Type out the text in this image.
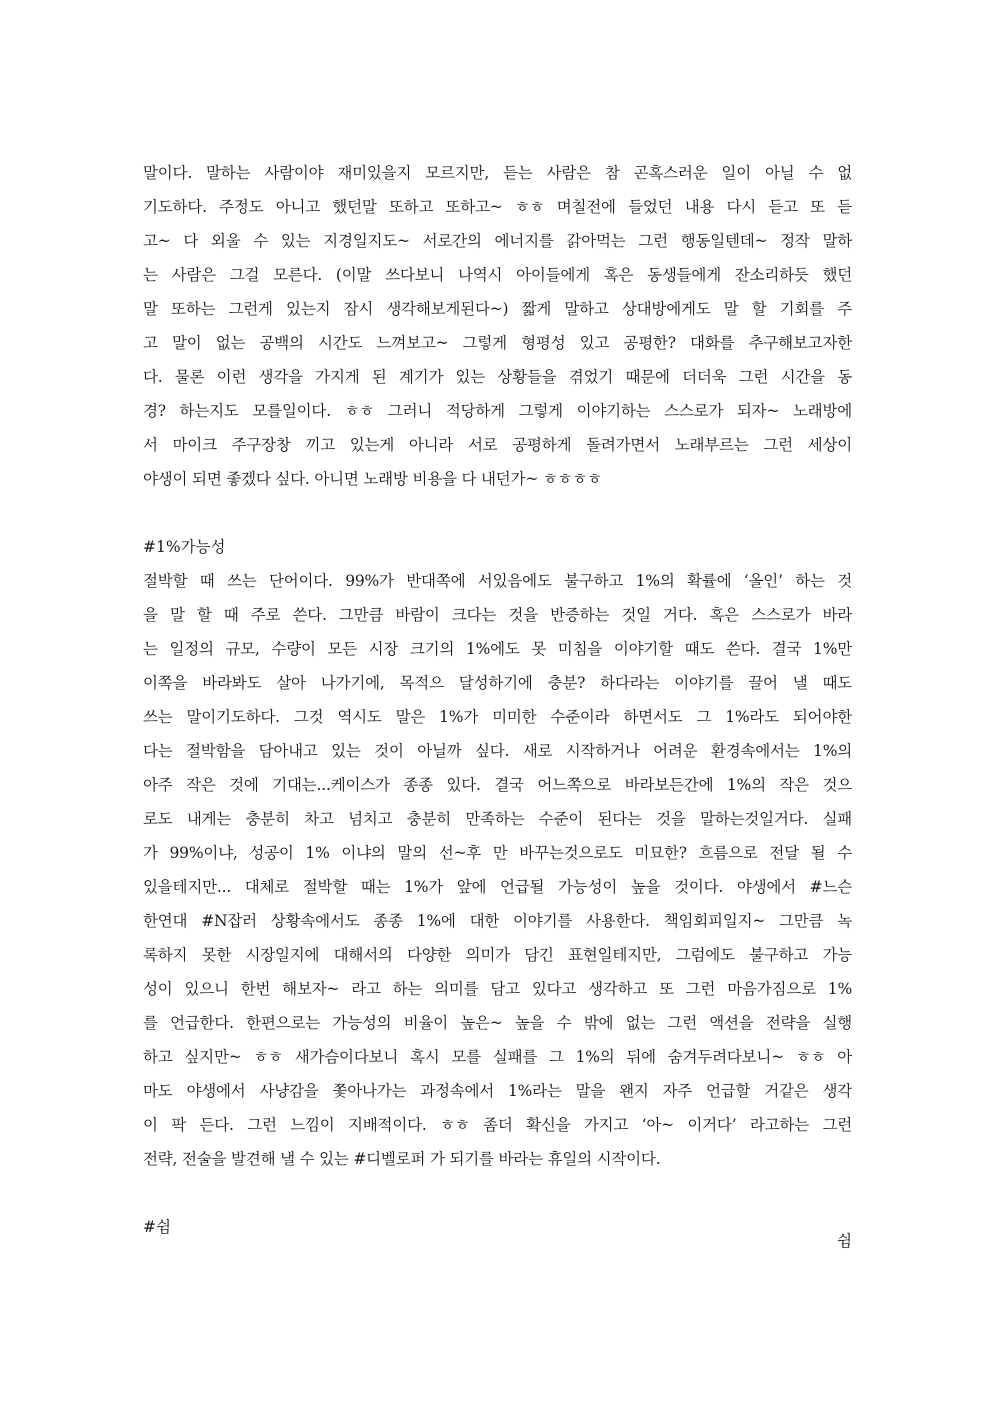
말이다. 말하는 사람이야 재미있을지 모르지만, 듣는 사람은 참 곤혹스러운 일이 아닐 수 없
기도하다. 주정도 아니고 했던말 또하고 또하고~ ㅎㅎ 며칠전에 들었던 내용 다시 듣고 또 듣
고~ 다 외울 수 있는 지경일지도~ 서로간의 에너지를 갉아먹는 그런 행동일텐데~ 정작 말하
는 사람은 그걸 모른다. (이말 쓰다보니 나역시 아이들에게 혹은 동생들에게 잔소리하듯 했던
말 또하는 그런게 있는지 잠시 생각해보게된다~) 짧게 말하고 상대방에게도 말 할 기회를 주
고 말이 없는 공백의 시간도 느껴보고~ 그렇게 형평성 있고 공평한? 대화를 추구해보고자한
다. 물론 이런 생각을 가지게 된 계기가 있는 상황들을 겪었기 때문에 더더욱 그런 시간을 동
경? 하는지도 모를일이다. ㅎㅎ 그러니 적당하게 그렇게 이야기하는 스스로가 되자~ 노래방에
서 마이크 주구장창 끼고 있는게 아니라 서로 공평하게 돌려가면서 노래부르는 그런 세상이
야생이 되면 좋겠다 싶다. 아니면 노래방 비용을 다 내던가~ ㅎㅎㅎㅎ
#1%가능성
절박할 때 쓰는 단어이다. 99%가 반대쪽에 서있음에도 불구하고 1%의 확률에 ‘올인’ 하는 것
을 말 할 때 주로 쓴다. 그만큼 바람이 크다는 것을 반증하는 것일 거다. 혹은 스스로가 바라
는 일정의 규모, 수량이 모든 시장 크기의 1%에도 못 미침을 이야기할 때도 쓴다. 결국 1%만
이쪽을 바라봐도 살아 나가기에, 목적으 달성하기에 충분? 하다라는 이야기를 끌어 낼 때도
쓰는 말이기도하다. 그것 역시도 말은 1%가 미미한 수준이라 하면서도 그 1%라도 되어야한
다는 절박함을 담아내고 있는 것이 아닐까 싶다. 새로 시작하거나 어려운 환경속에서는 1%의
아주 작은 것에 기대는...케이스가 종종 있다. 결국 어느쪽으로 바라보든간에 1%의 작은 것으
로도 내게는 충분히 차고 넘치고 충분히 만족하는 수준이 된다는 것을 말하는것일거다. 실패
가 99%이냐, 성공이 1% 이냐의 말의 선~후 만 바꾸는것으로도 미묘한? 흐름으로 전달 될 수
있을테지만... 대체로 절박할 때는 1%가 앞에 언급될 가능성이 높을 것이다. 야생에서 #느슨
한연대 #N잡러 상황속에서도 종종 1%에 대한 이야기를 사용한다. 책임회피일지~ 그만큼 녹
록하지 못한 시장일지에 대해서의 다양한 의미가 담긴 표현일테지만, 그럼에도 불구하고 가능
성이 있으니 한번 해보자~ 라고 하는 의미를 담고 있다고 생각하고 또 그런 마음가짐으로 1%
를 언급한다. 한편으로는 가능성의 비율이 높은~ 높을 수 밖에 없는 그런 액션을 전략을 실행
하고 싶지만~ ㅎㅎ 새가슴이다보니 혹시 모를 실패를 그 1%의 뒤에 숨겨두려다보니~ ㅎㅎ 아
마도 야생에서 사냥감을 쫓아나가는 과정속에서 1%라는 말을 왠지 자주 언급할 거같은 생각
이 팍 든다. 그런 느낌이 지배적이다. ㅎㅎ 좀더 확신을 가지고 ‘아~ 이거다’ 라고하는 그런
전략, 전술을 발견해 낼 수 있는 #디벨로퍼 가 되기를 바라는 휴일의 시작이다.
#쉼
쉼
